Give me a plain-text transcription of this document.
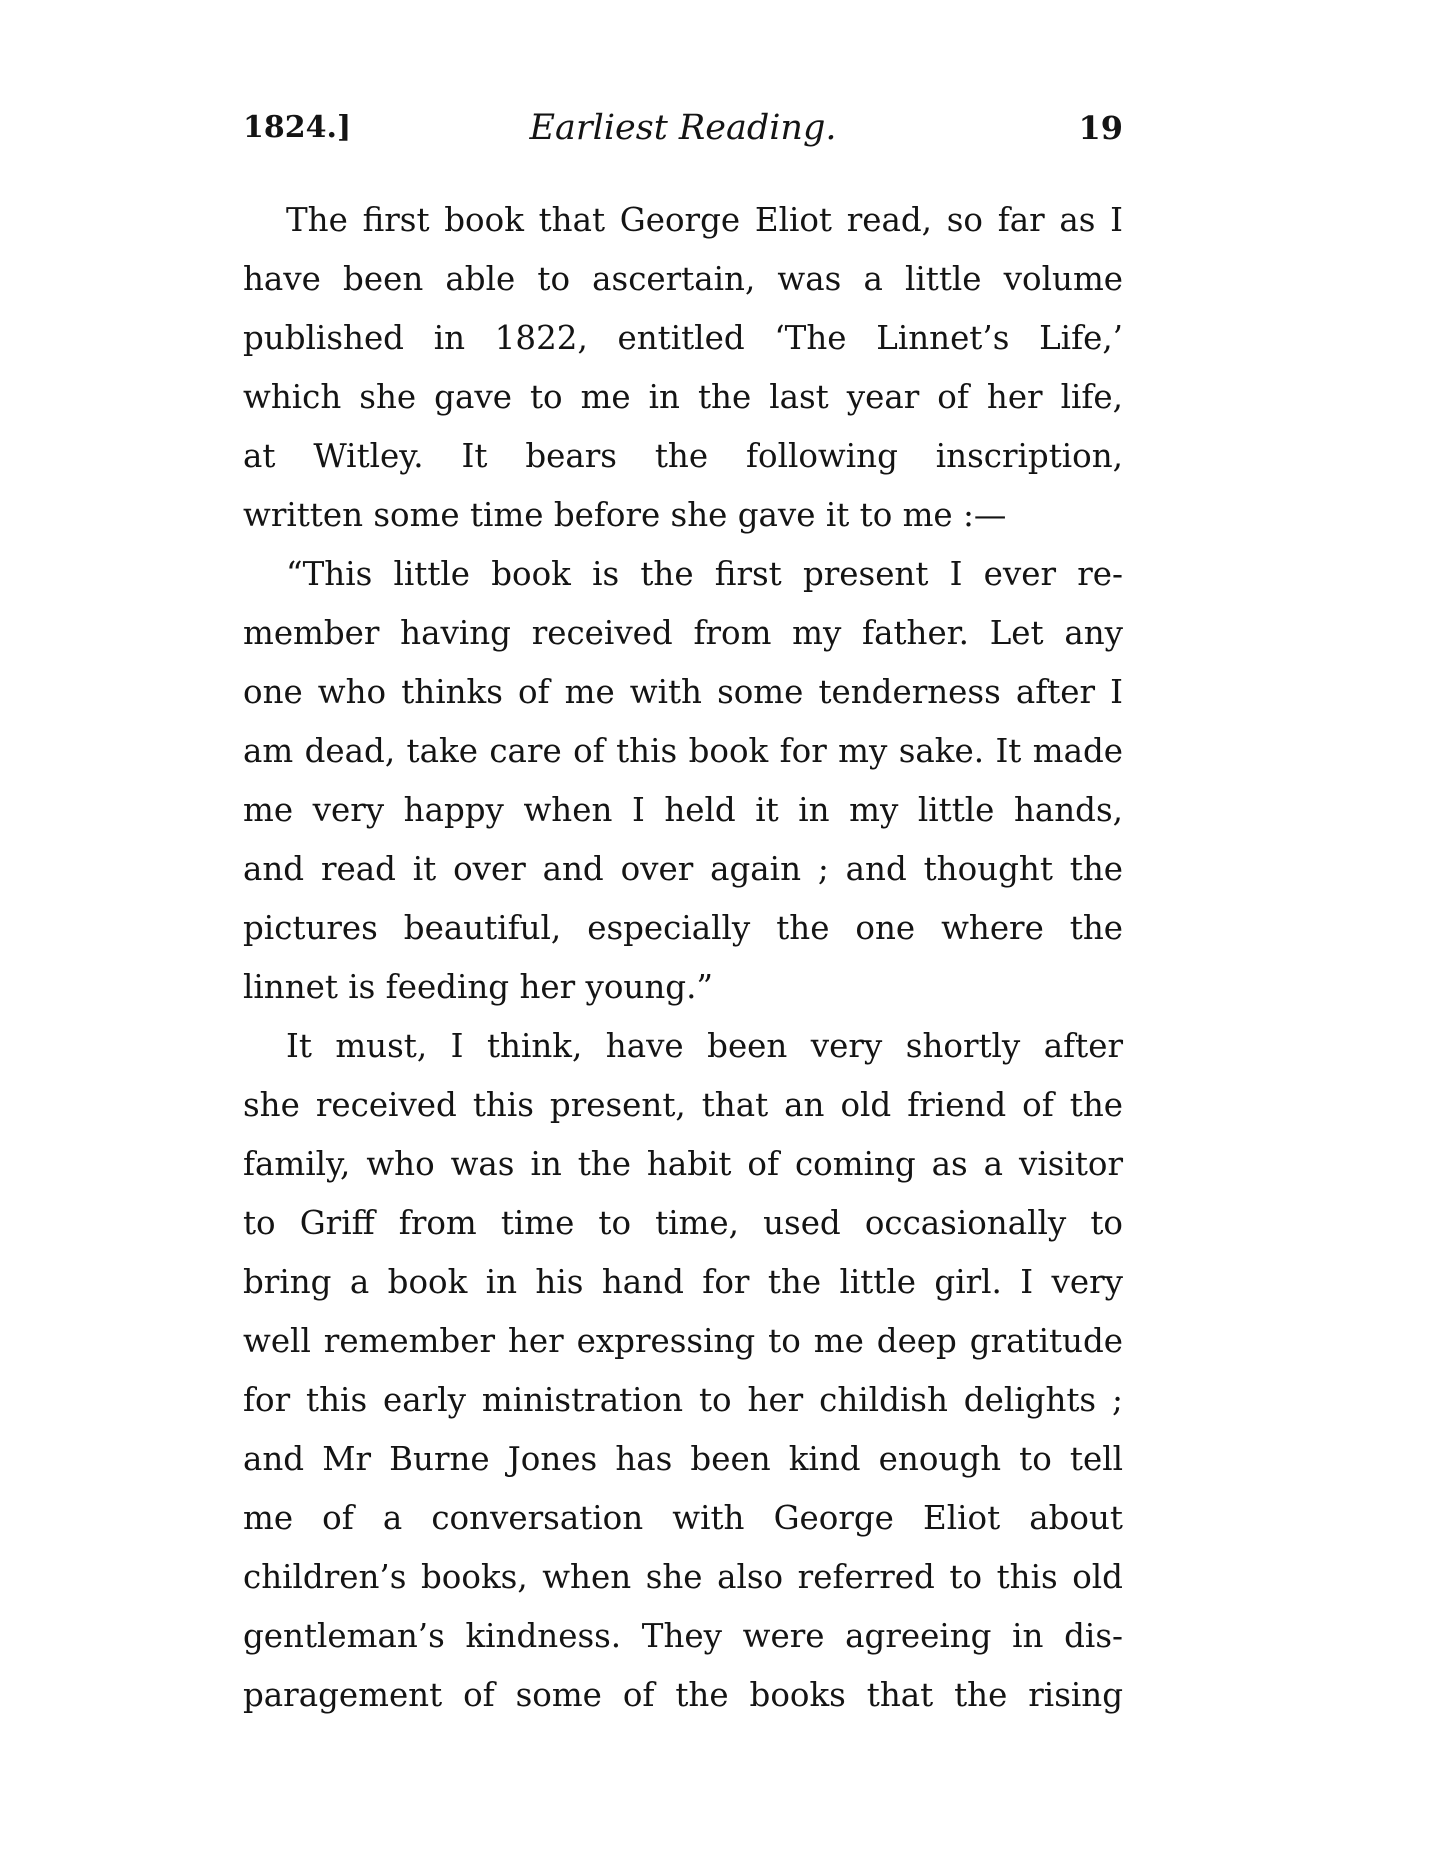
1824.]	Earliest Reading.	19
The first book that George Eliot read, so far as I
have been able to ascertain, was a little volume
published in 1822, entitled ‘The Linnet’s Life,’
which she gave to me in the last year of her life,
at Witley. It bears the following inscription,
written some time before she gave it to me :—
“This little book is the first present I ever re-
member having received from my father. Let any
one who thinks of me with some tenderness after I
am dead, take care of this book for my sake. It made
me very happy when I held it in my little hands,
and read it over and over again ; and thought the
pictures beautiful, especially the one where the
linnet is feeding her young.”
It must, I think, have been very shortly after
she received this present, that an old friend of the
family, who was in the habit of coming as a visitor
to Griff from time to time, used occasionally to
bring a book in his hand for the little girl. I very
well remember her expressing to me deep gratitude
for this early ministration to her childish delights ;
and Mr Burne Jones has been kind enough to tell
me of a conversation with George Eliot about
children’s books, when she also referred to this old
gentleman’s kindness. They were agreeing in dis-
paragement of some of the books that the rising
